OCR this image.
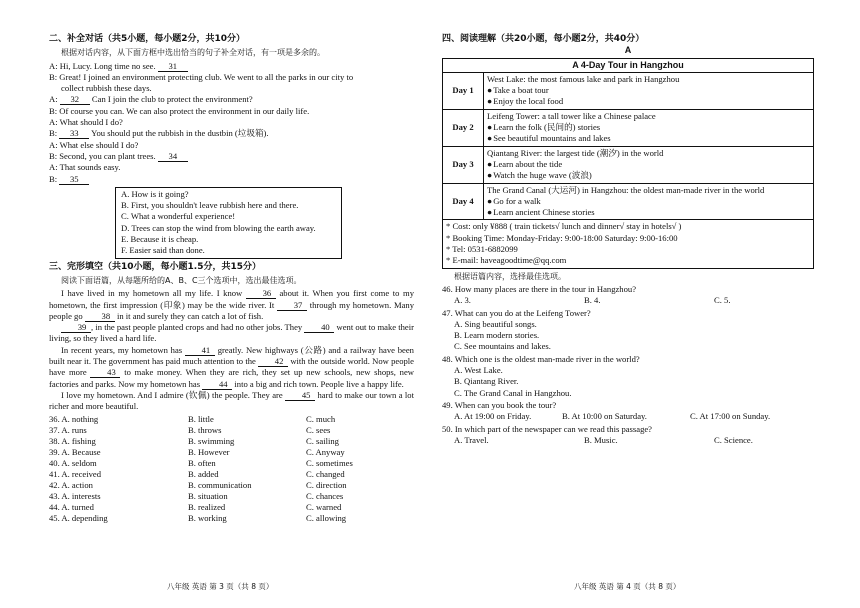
二、补全对话（共5小题，每小题2分，共10分）
根据对话内容，从下面方框中选出恰当的句子补全对话，有一项是多余的。
A: Hi, Lucy. Long time no see. 31
B: Great! I joined an environment protecting club. We went to all the parks in our city to
collect rubbish these days.
A: 32 Can I join the club to protect the environment?
B: Of course you can. We can also protect the environment in our daily life.
A: What should I do?
B: 33 You should put the rubbish in the dustbin (垃圾箱).
A: What else should I do?
B: Second, you can plant trees. 34
A: That sounds easy.
B: 35
A. How is it going?
B. First, you shouldn't leave rubbish here and there.
C. What a wonderful experience!
D. Trees can stop the wind from blowing the earth away.
E. Because it is cheap.
F. Easier said than done.
三、完形填空（共10小题，每小题1.5分，共15分）
阅读下面语篇，从每题所给的A、B、C三个选项中，选出最佳选项。

I have lived in my hometown all my life. I know 36 about it. When you first come to my hometown, the first impression (印象) may be the wide river. It 37 through my hometown. Many people go 38 in it and surely they can catch a lot of fish.

39 , in the past people planted crops and had no other jobs. They 40 went out to make their living, so they lived a hard life.

In recent years, my hometown has 41 greatly. New highways (公路) and a railway have been built near it. The government has paid much attention to the 42 with the outside world. Now people have more 43 to make money. When they are rich, they set up new schools, new shops, new factories and parks. Now my hometown has 44 into a big and rich town. People live a happy life.

I love my hometown. And I admire (钦佩) the people. They are 45 hard to make our town a lot richer and more beautiful.

36. A. nothing	B. little	C. much
37. A. runs	B. throws	C. sees
38. A. fishing	B. swimming	C. sailing
39. A. Because	B. However	C. Anyway
40. A. seldom	B. often	C. sometimes
41. A. received	B. added	C. changed
42. A. action	B. communication	C. direction
43. A. interests	B. situation	C. chances
44. A. turned	B. realized	C. warned
45. A. depending	B. working	C. allowing
八年级 英语 第 3 页（共 8 页）
四、阅读理解（共20小题，每小题2分，共40分）
A
A 4-Day Tour in Hangzhou	
Day 1	West Lake: the most famous lake and park in Hangzhou
● Take a boat tour
● Enjoy the local food

Day 2	Leifeng Tower: a tall tower like a Chinese palace
● Learn the folk (民间的) stories
● See beautiful mountains and lakes

Day 3	Qiantang River: the largest tide (潮汐) in the world
● Learn about the tide
● Watch the huge wave (波浪)

Day 4	The Grand Canal (大运河) in Hangzhou: the oldest man-made river in the world
● Go for a walk
● Learn ancient Chinese stories

* Cost: only ¥888 ( train tickets√ lunch and dinner√ stay in hotels√ )
* Booking Time: Monday-Friday: 9:00-18:00 Saturday: 9:00-16:00
* Tel: 0531-6882099
* E-mail: haveagoodtime@qq.com	
根据语篇内容，选择最佳选项。
46. How many places are there in the tour in Hangzhou?
A. 3.	B. 4.	C. 5.
47. What can you do at the Leifeng Tower?
A. Sing beautiful songs.
B. Learn modern stories.
C. See mountains and lakes.
48. Which one is the oldest man-made river in the world?
A. West Lake.
B. Qiantang River.
C. The Grand Canal in Hangzhou.
49. When can you book the tour?
A. At 19:00 on Friday.	B. At 10:00 on Saturday.	C. At 17:00 on Sunday.
50. In which part of the newspaper can we read this passage?
A. Travel.	B. Music.	C. Science.
八年级 英语 第 4 页（共 8 页）
